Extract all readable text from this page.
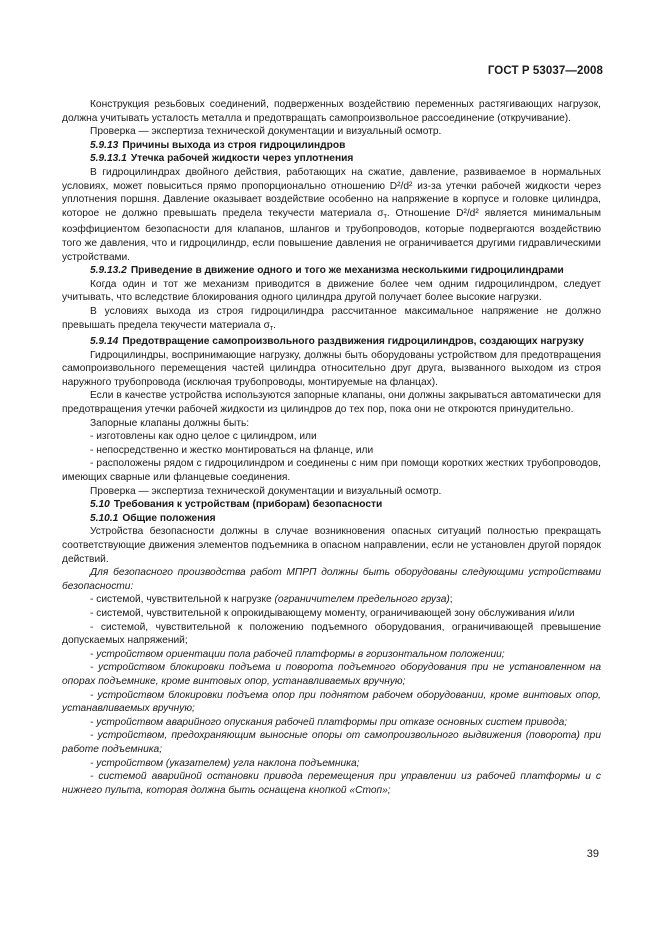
ГОСТ Р 53037—2008

Конструкция резьбовых соединений, подверженных воздействию переменных растягивающих нагрузок, должна учитывать усталость металла и предотвращать самопроизвольное рассоединение (откручивание).

Проверка — экспертиза технической документации и визуальный осмотр.

5.9.13 Причины выхода из строя гидроцилиндров

5.9.13.1 Утечка рабочей жидкости через уплотнения

В гидроцилиндрах двойного действия, работающих на сжатие, давление, развиваемое в нормальных условиях, может повыситься прямо пропорционально отношению D²/d² из-за утечки рабочей жидкости через уплотнения поршня. Давление оказывает воздействие особенно на напряжение в корпусе и головке цилиндра, которое не должно превышать предела текучести материала $\sigma_т$. Отношение D²/d² является минимальным коэффициентом безопасности для клапанов, шлангов и трубопроводов, которые подвергаются воздействию того же давления, что и гидроцилиндр, если повышение давления не ограничивается другими гидравлическими устройствами.

5.9.13.2 Приведение в движение одного и того же механизма несколькими гидроцилиндрами

Когда один и тот же механизм приводится в движение более чем одним гидроцилиндром, следует учитывать, что вследствие блокирования одного цилиндра другой получает более высокие нагрузки.

В условиях выхода из строя гидроцилиндра рассчитанное максимальное напряжение не должно превышать предела текучести материала $\sigma_т$.

5.9.14 Предотвращение самопроизвольного раздвижения гидроцилиндров, создающих нагрузку

Гидроцилиндры, воспринимающие нагрузку, должны быть оборудованы устройством для предотвращения самопроизвольного перемещения частей цилиндра относительно друг друга, вызванного выходом из строя наружного трубопровода (исключая трубопроводы, монтируемые на фланцах).

Если в качестве устройства используются запорные клапаны, они должны закрываться автоматически для предотвращения утечки рабочей жидкости из цилиндров до тех пор, пока они не откроются принудительно.

Запорные клапаны должны быть:

- изготовлены как одно целое с цилиндром, или

- непосредственно и жестко монтироваться на фланце, или

- расположены рядом с гидроцилиндром и соединены с ним при помощи коротких жестких трубопроводов, имеющих сварные или фланцевые соединения.

Проверка — экспертиза технической документации и визуальный осмотр.

5.10 Требования к устройствам (приборам) безопасности

5.10.1 Общие положения

Устройства безопасности должны в случае возникновения опасных ситуаций полностью прекращать соответствующие движения элементов подъемника в опасном направлении, если не установлен другой порядок действий.

Для безопасного производства работ МПРП должны быть оборудованы следующими устройствами безопасности:

- системой, чувствительной к нагрузке (ограничителем предельного груза);

- системой, чувствительной к опрокидывающему моменту, ограничивающей зону обслуживания и/или

- системой, чувствительной к положению подъемного оборудования, ограничивающей превышение допускаемых напряжений;

- устройством ориентации пола рабочей платформы в горизонтальном положении;

- устройством блокировки подъема и поворота подъемного оборудования при не установленном на опорах подъемнике, кроме винтовых опор, устанавливаемых вручную;

- устройством блокировки подъема опор при поднятом рабочем оборудовании, кроме винтовых опор, устанавливаемых вручную;

- устройством аварийного опускания рабочей платформы при отказе основных систем привода;

- устройством, предохраняющим выносные опоры от самопроизвольного выдвижения (поворота) при работе подъемника;

- устройством (указателем) угла наклона подъемника;

- системой аварийной остановки привода перемещения при управлении из рабочей платформы и с нижнего пульта, которая должна быть оснащена кнопкой «Стоп»;

39
